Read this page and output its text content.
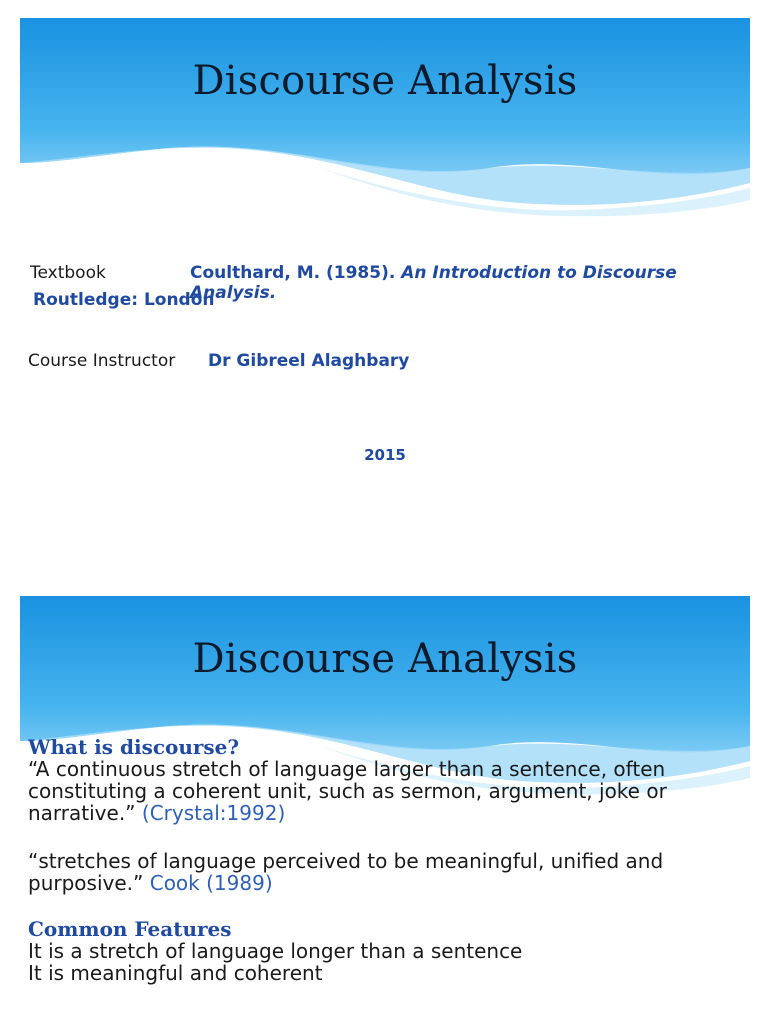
Discourse Analysis
Textbook	Coulthard, M. (1985). An Introduction to Discourse Analysis.
Routledge: London
Course Instructor Dr Gibreel Alaghbary
2015
Discourse Analysis
What is discourse?
“A continuous stretch of language larger than a sentence, often
constituting a coherent unit, such as sermon, argument, joke or
narrative.” (Crystal:1992)
“stretches of language perceived to be meaningful, unified and
purposive.” Cook (1989)
Common Features
It is a stretch of language longer than a sentence
It is meaningful and coherent
